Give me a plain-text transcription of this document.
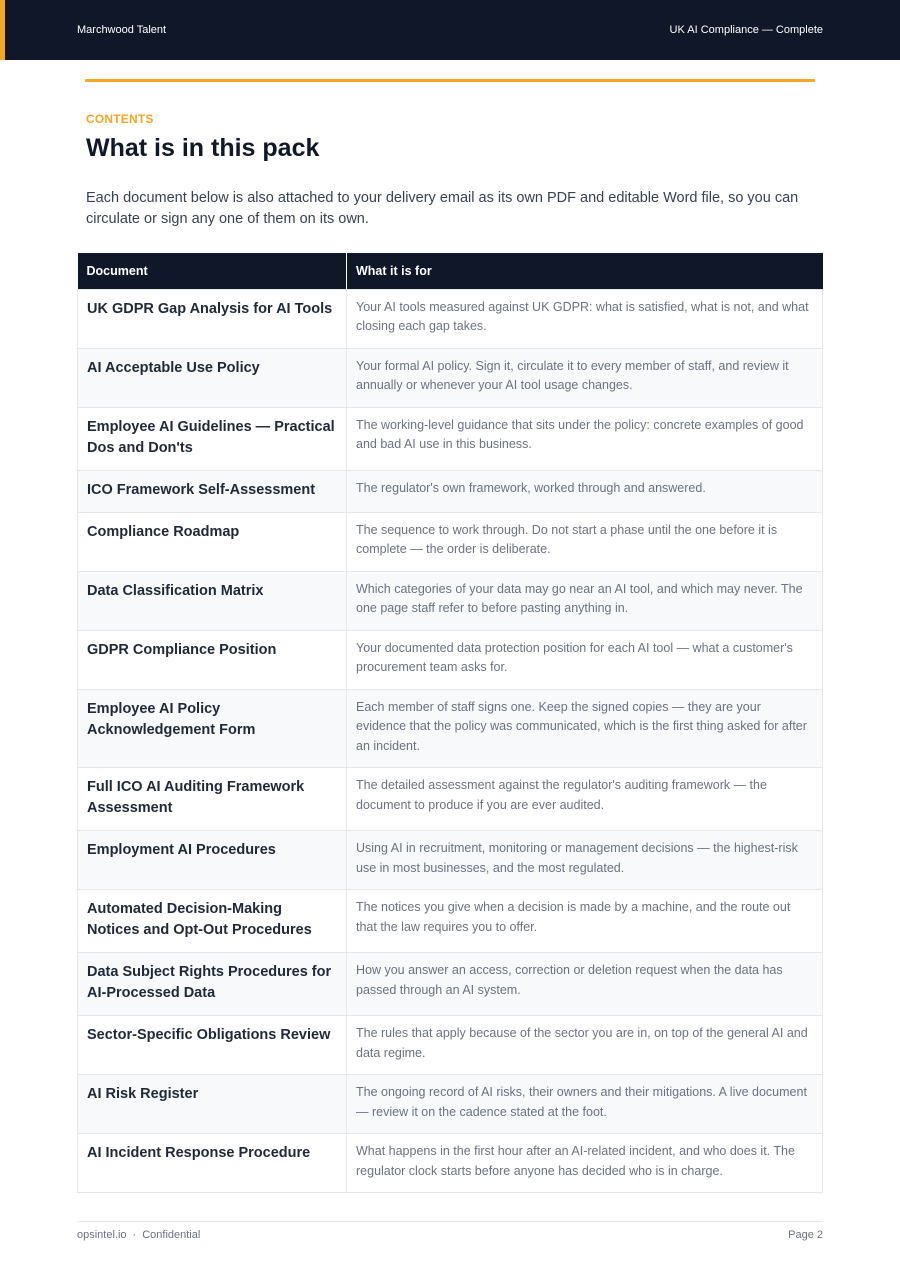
Marchwood Talent	UK AI Compliance — Complete
CONTENTS
What is in this pack

Each document below is also attached to your delivery email as its own PDF and editable Word file, so you can circulate or sign any one of them on its own.

Document	What it is for
UK GDPR Gap Analysis for AI Tools	Your AI tools measured against UK GDPR: what is satisfied, what is not, and what closing each gap takes.
AI Acceptable Use Policy	Your formal AI policy. Sign it, circulate it to every member of staff, and review it annually or whenever your AI tool usage changes.
Employee AI Guidelines — Practical Dos and Don'ts	The working-level guidance that sits under the policy: concrete examples of good and bad AI use in this business.
ICO Framework Self-Assessment	The regulator's own framework, worked through and answered.
Compliance Roadmap	The sequence to work through. Do not start a phase until the one before it is complete — the order is deliberate.
Data Classification Matrix	Which categories of your data may go near an AI tool, and which may never. The one page staff refer to before pasting anything in.
GDPR Compliance Position	Your documented data protection position for each AI tool — what a customer's procurement team asks for.
Employee AI Policy Acknowledgement Form	Each member of staff signs one. Keep the signed copies — they are your evidence that the policy was communicated, which is the first thing asked for after an incident.
Full ICO AI Auditing Framework Assessment	The detailed assessment against the regulator's auditing framework — the document to produce if you are ever audited.
Employment AI Procedures	Using AI in recruitment, monitoring or management decisions — the highest-risk use in most businesses, and the most regulated.
Automated Decision-Making Notices and Opt-Out Procedures	The notices you give when a decision is made by a machine, and the route out that the law requires you to offer.
Data Subject Rights Procedures for AI-Processed Data	How you answer an access, correction or deletion request when the data has passed through an AI system.
Sector-Specific Obligations Review	The rules that apply because of the sector you are in, on top of the general AI and data regime.
AI Risk Register	The ongoing record of AI risks, their owners and their mitigations. A live document — review it on the cadence stated at the foot.
AI Incident Response Procedure	What happens in the first hour after an AI-related incident, and who does it. The regulator clock starts before anyone has decided who is in charge.
opsintel.io · Confidential	Page 2
